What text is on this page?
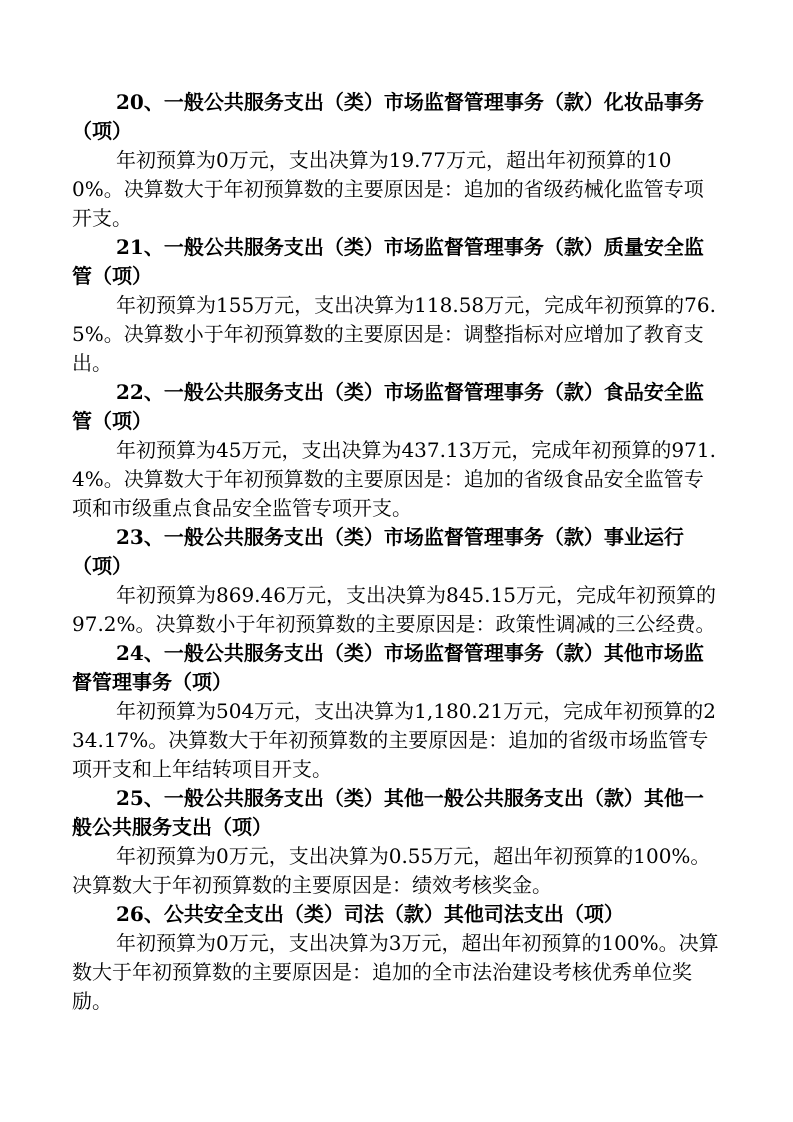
20、一般公共服务支出（类）市场监督管理事务（款）化妆品事务（项）

年初预算为0万元，支出决算为19.77万元，超出年初预算的100%。决算数大于年初预算数的主要原因是：追加的省级药械化监管专项开支。

21、一般公共服务支出（类）市场监督管理事务（款）质量安全监管（项）

年初预算为155万元，支出决算为118.58万元，完成年初预算的76.5%。决算数小于年初预算数的主要原因是：调整指标对应增加了教育支出。

22、一般公共服务支出（类）市场监督管理事务（款）食品安全监管（项）

年初预算为45万元，支出决算为437.13万元，完成年初预算的971.4%。决算数大于年初预算数的主要原因是：追加的省级食品安全监管专项和市级重点食品安全监管专项开支。

23、一般公共服务支出（类）市场监督管理事务（款）事业运行（项）

年初预算为869.46万元，支出决算为845.15万元，完成年初预算的97.2%。决算数小于年初预算数的主要原因是：政策性调减的三公经费。

24、一般公共服务支出（类）市场监督管理事务（款）其他市场监督管理事务（项）

年初预算为504万元，支出决算为1,180.21万元，完成年初预算的234.17%。决算数大于年初预算数的主要原因是：追加的省级市场监管专项开支和上年结转项目开支。

25、一般公共服务支出（类）其他一般公共服务支出（款）其他一般公共服务支出（项）

年初预算为0万元，支出决算为0.55万元，超出年初预算的100%。决算数大于年初预算数的主要原因是：绩效考核奖金。

26、公共安全支出（类）司法（款）其他司法支出（项）

年初预算为0万元，支出决算为3万元，超出年初预算的100%。决算数大于年初预算数的主要原因是：追加的全市法治建设考核优秀单位奖励。
